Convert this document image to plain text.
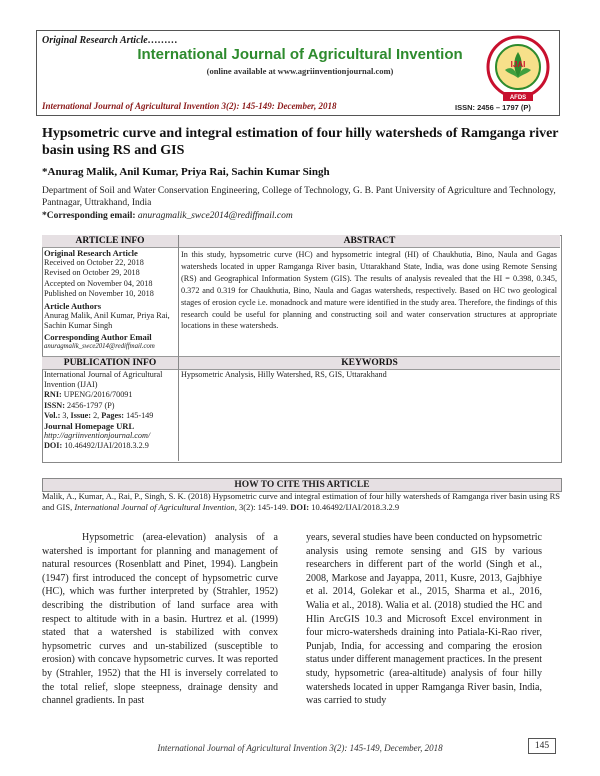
Original Research Article………
International Journal of Agricultural Invention
(online available at www.agriinventionjournal.com)
International Journal of Agricultural Invention 3(2): 145-149: December, 2018	ISSN: 2456 – 1797 (P)
IJAI
AFDS
Hypsometric curve and integral estimation of four hilly watersheds of Ramganga river basin using RS and GIS
*Anurag Malik, Anil Kumar, Priya Rai, Sachin Kumar Singh
Department of Soil and Water Conservation Engineering, College of Technology, G. B. Pant University of Agriculture and Technology, Pantnagar, Uttrakhand, India
*Corresponding email: anuragmalik_swce2014@rediffmail.com
ARTICLE INFO
Original Research Article
Received on October 22, 2018
Revised on October 29, 2018
Accepted on November 04, 2018
Published on November 10, 2018
Article Authors
Anurag Malik, Anil Kumar, Priya Rai, Sachin Kumar Singh
Corresponding Author Email
anuragmalik_swce2014@rediffmail.com
PUBLICATION INFO
International Journal of Agricultural Invention (IJAI)
RNI: UPENG/2016/70091
ISSN: 2456-1797 (P)
Vol.: 3, Issue: 2, Pages: 145-149
Journal Homepage URL
http://agriinventionjournal.com/
DOI: 10.46492/IJAI/2018.3.2.9
ABSTRACT
In this study, hypsometric curve (HC) and hypsometric integral (HI) of Chaukhutia, Bino, Naula and Gagas watersheds located in upper Ramganga River basin, Uttarakhand State, India, was done using Remote Sensing (RS) and Geographical Information System (GIS). The results of analysis revealed that the HI = 0.398, 0.345, 0.372 and 0.319 for Chaukhutia, Bino, Naula and Gagas watersheds, respectively. Based on HC two geological stages of erosion cycle i.e. monadnock and mature were identified in the study area. Therefore, the findings of this research could be useful for planning and constructing soil and water conservation structures at appropriate locations in these watersheds.
KEYWORDS
Hypsometric Analysis, Hilly Watershed, RS, GIS, Uttarakhand
HOW TO CITE THIS ARTICLE
Malik, A., Kumar, A., Rai, P., Singh, S. K. (2018) Hypsometric curve and integral estimation of four hilly watersheds of Ramganga river basin using RS and GIS, International Journal of Agricultural Invention, 3(2): 145-149. DOI: 10.46492/IJAI/2018.3.2.9

Hypsometric (area-elevation) analysis of a watershed is important for planning and management of natural resources (Rosenblatt and Pinet, 1994). Langbein (1947) first introduced the concept of hypsometric curve (HC), which was further interpreted by (Strahler, 1952) describing the distribution of land surface area with respect to altitude with in a basin. Hurtrez et al. (1999) stated that a watershed is stabilized with convex hypsometric curves and un-stabilized (susceptible to erosion) with concave hypsometric curves. It was reported by (Strahler, 1952) that the HI is inversely correlated to the total relief, slope steepness, drainage density and channel gradients. In past

years, several studies have been conducted on hypsometric analysis using remote sensing and GIS by various researchers in different part of the world (Singh et al., 2008, Markose and Jayappa, 2011, Kusre, 2013, Gajbhiye et al. 2014, Golekar et al., 2015, Sharma et al., 2016, Walia et al., 2018). Walia et al. (2018) studied the HC and HIin ArcGIS 10.3 and Microsoft Excel environment in four micro-watersheds draining into Patiala-Ki-Rao river, Punjab, India, for accessing and comparing the erosion status under different management practices. In the present study, hypsometric (area-altitude) analysis of four hilly watersheds located in upper Ramganga River basin, India, was carried to study

International Journal of Agricultural Invention 3(2): 145-149, December, 2018	145
